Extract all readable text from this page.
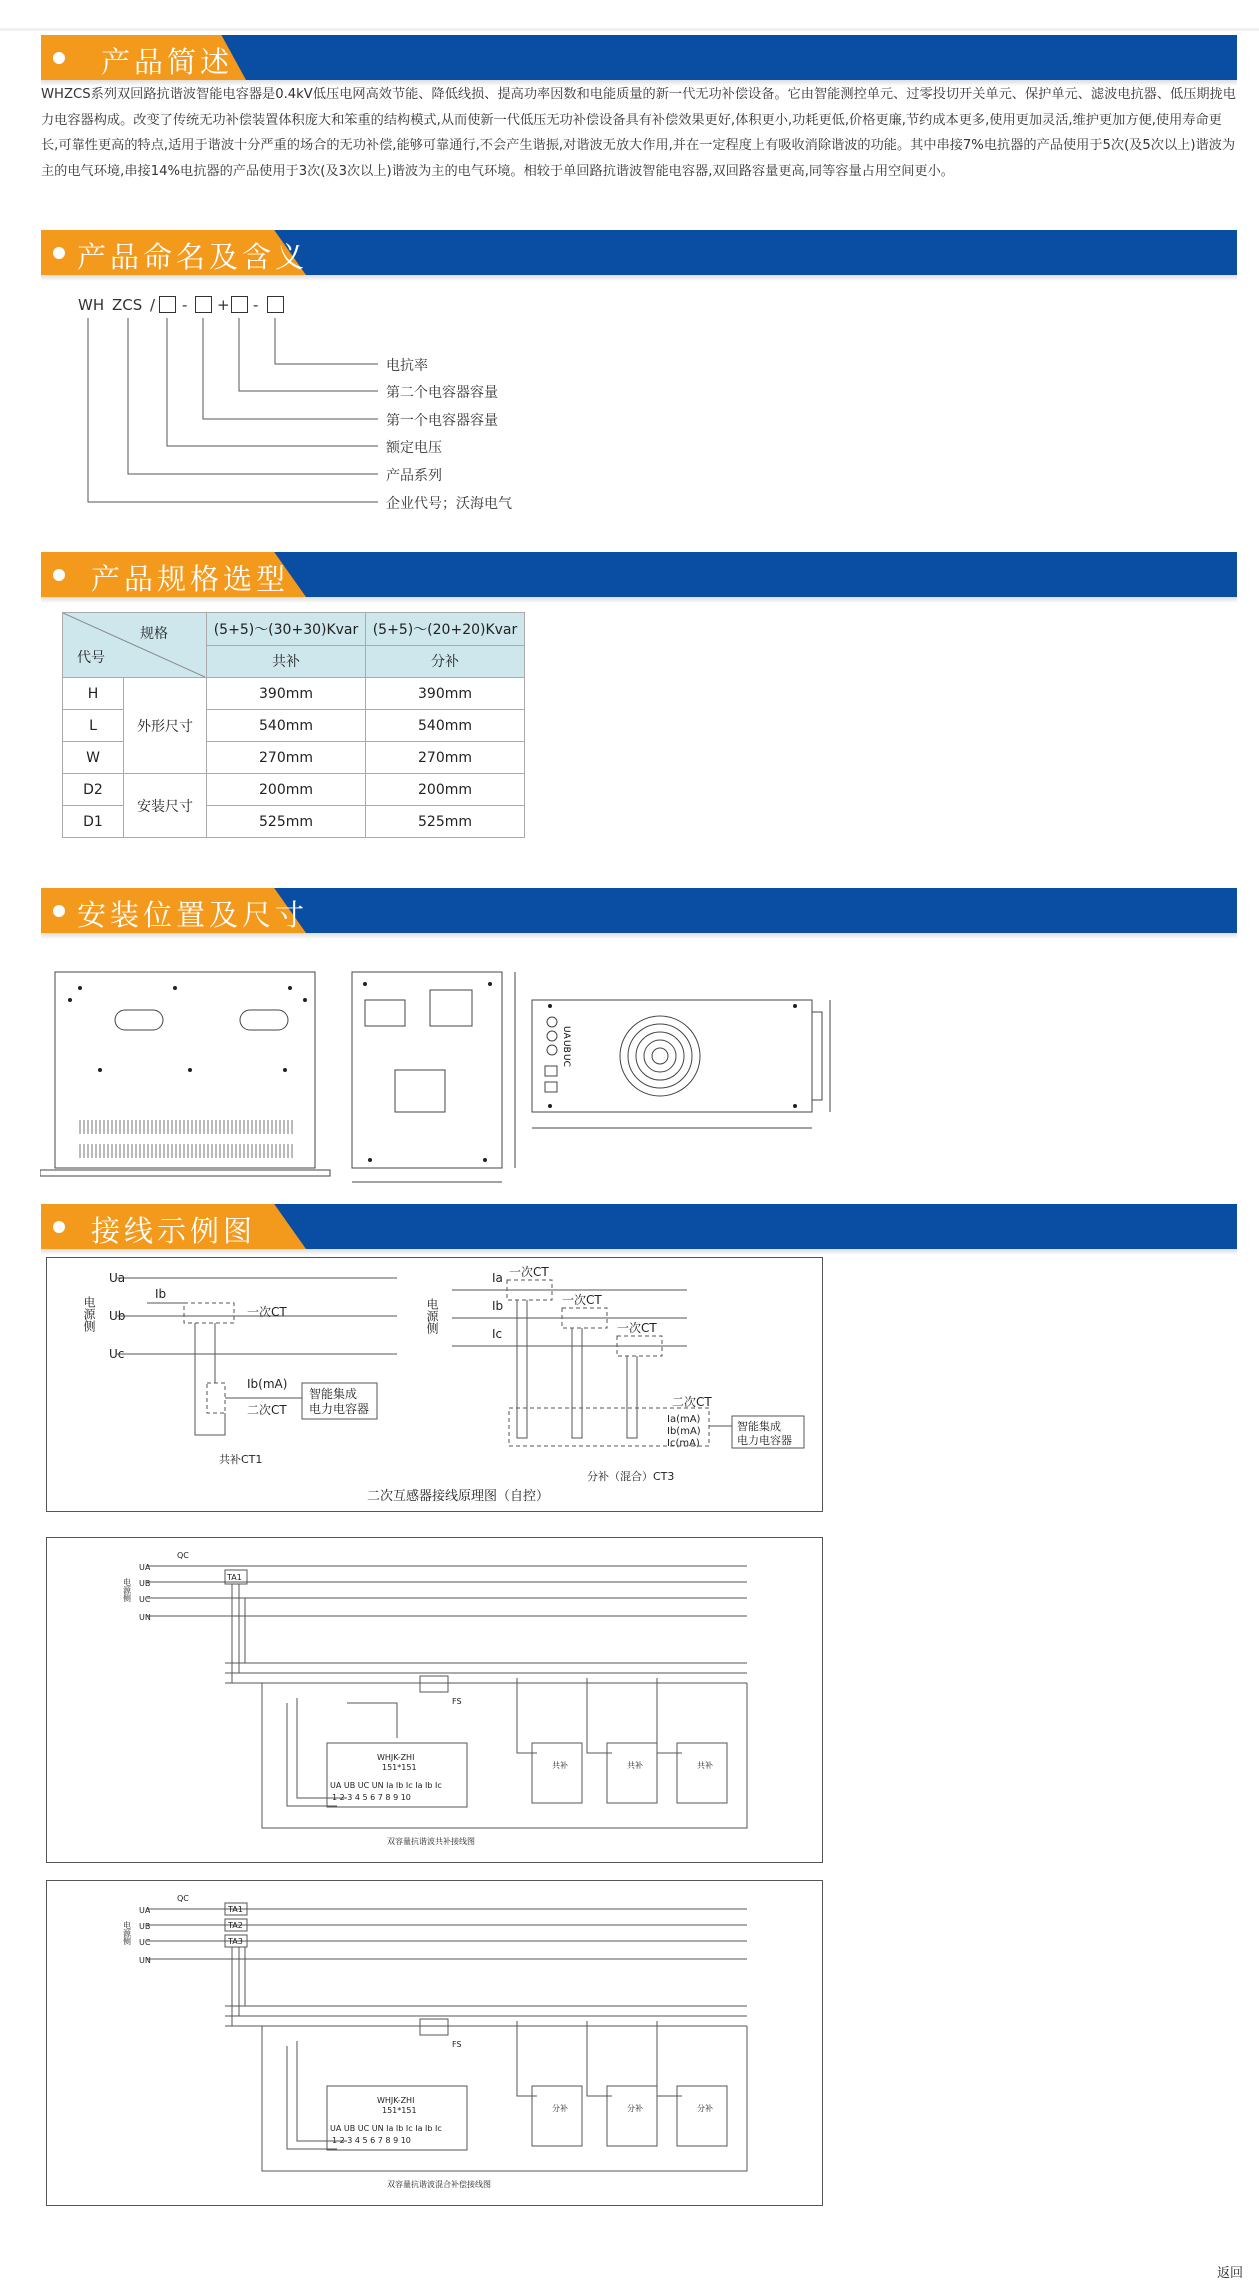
产品简述
WHZCS系列双回路抗谐波智能电容器是0.4kV低压电网高效节能、降低线损、提高功率因数和电能质量的新一代无功补偿设备。它由智能测控单元、过零投切开关单元、保护单元、滤波电抗器、低压期拢电力电容器构成。改变了传统无功补偿装置体积庞大和笨重的结构模式,从而使新一代低压无功补偿设备具有补偿效果更好,体积更小,功耗更低,价格更廉,节约成本更多,使用更加灵活,维护更加方便,使用寿命更长,可靠性更高的特点,适用于谐波十分严重的场合的无功补偿,能够可靠通行,不会产生谐振,对谐波无放大作用,并在一定程度上有吸收消除谐波的功能。其中串接7%电抗器的产品使用于5次(及5次以上)谐波为主的电气环境,串接14%电抗器的产品使用于3次(及3次以上)谐波为主的电气环境。相较于单回路抗谐波智能电容器,双回路容量更高,同等容量占用空间更小。
产品命名及含义
WH ZCS / - + -
电抗率
第二个电容器容量
第一个电容器容量
额定电压
产品系列
企业代号；沃海电气
产品规格选型
规格
代号		(5+5)～(30+30)Kvar	(5+5)～(20+20)Kvar
		共补	分补
H	外形尺寸	390mm	390mm
L		540mm	540mm
W		270mm	270mm
D2	安装尺寸	200mm	200mm
D1		525mm	525mm
安装位置及尺寸
UA
UB
UC
接线示例图
电源侧
Ua
Ub
Uc
Ib
一次CT
Ib(mA)
二次CT
智能集成
电力电容器
共补CT1
电源侧
Ia
Ib
Ic
一次CT
一次CT
一次CT
二次CT
Ia(mA)
Ib(mA)
Ic(mA)
智能集成
电力电容器
分补（混合）CT3
二次互感器接线原理图（自控）
电源侧
QC
TA1
UA
UB
UC
UN
FS
WHJK-ZHI
151*151
UA UB UC UN Ia Ib Ic Ia Ib Ic
1 2 3 4 5 6 7 8 9 10
共补	共补	共补
双容量抗谐波共补接线图
电源侧
QC
TA1
TA2
TA3
UA
UB
UC
UN
FS
WHJK-ZHI
151*151
UA UB UC UN Ia Ib Ic Ia Ib Ic
1 2 3 4 5 6 7 8 9 10
分补	分补	分补
双容量抗谐波混合补偿接线图
返回
